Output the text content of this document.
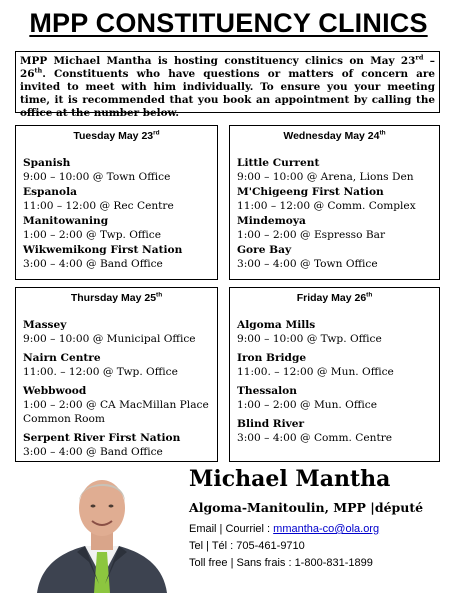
MPP CONSTITUENCY CLINICS
MPP Michael Mantha is hosting constituency clinics on May 23rd – 26th. Constituents who have questions or matters of concern are invited to meet with him individually. To ensure you your meeting time, it is recommended that you book an appointment by calling the office at the number below.
Tuesday May 23rd
Spanish
9:00 – 10:00 @ Town Office
Espanola
11:00 – 12:00 @ Rec Centre
Manitowaning
1:00 – 2:00 @ Twp. Office
Wikwemikong First Nation
3:00 – 4:00 @ Band Office
Wednesday May 24th
Little Current
9:00 – 10:00 @ Arena, Lions Den
M'Chigeeng First Nation
11:00 – 12:00 @ Comm. Complex
Mindemoya
1:00 – 2:00 @ Espresso Bar
Gore Bay
3:00 – 4:00 @ Town Office
Thursday May 25th
Massey
9:00 – 10:00 @ Municipal Office
Nairn Centre
11:00. – 12:00 @ Twp. Office
Webbwood
1:00 – 2:00 @ CA MacMillan Place Common Room
Serpent River First Nation
3:00 – 4:00 @ Band Office
Friday May 26th
Algoma Mills
9:00 – 10:00 @ Twp. Office
Iron Bridge
11:00. – 12:00 @ Mun. Office
Thessalon
1:00 – 2:00 @ Mun. Office
Blind River
3:00 – 4:00 @ Comm. Centre
Michael Mantha
Algoma-Manitoulin, MPP |député
Email | Courriel : mmantha-co@ola.org
Tel | Tél : 705-461-9710
Toll free | Sans frais : 1-800-831-1899
